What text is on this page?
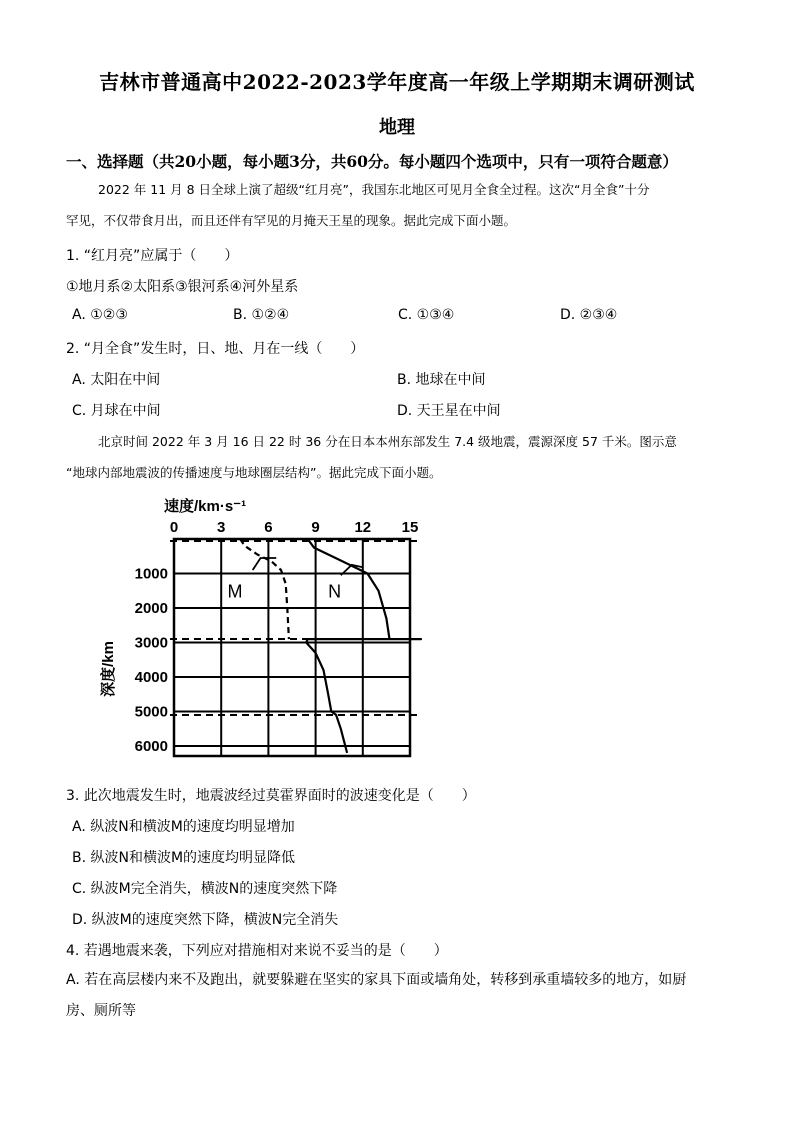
吉林市普通高中2022-2023学年度高一年级上学期期末调研测试
地理
一、选择题（共20小题，每小题3分，共60分。每小题四个选项中，只有一项符合题意）
2022 年 11 月 8 日全球上演了超级“红月亮”，我国东北地区可见月全食全过程。这次“月全食”十分
罕见，不仅带食月出，而且还伴有罕见的月掩天王星的现象。据此完成下面小题。
1. “红月亮”应属于（　　）
①地月系②太阳系③银河系④河外星系
A. ①②③	B. ①②④	C. ①③④	D. ②③④
2. “月全食”发生时，日、地、月在一线（　　）
A. 太阳在中间	B. 地球在中间
C. 月球在中间	D. 天王星在中间
北京时间 2022 年 3 月 16 日 22 时 36 分在日本本州东部发生 7.4 级地震，震源深度 57 千米。图示意
“地球内部地震波的传播速度与地球圈层结构”。据此完成下面小题。
速度/km·s⁻¹
0	3	6	9 12 15
1000
2000
3000
4000
5000
6000
深度/km
M	N
3. 此次地震发生时，地震波经过莫霍界面时的波速变化是（　　）
A. 纵波N和横波M的速度均明显增加
B. 纵波N和横波M的速度均明显降低
C. 纵波M完全消失，横波N的速度突然下降
D. 纵波M的速度突然下降，横波N完全消失
4. 若遇地震来袭，下列应对措施相对来说不妥当的是（　　）
A. 若在高层楼内来不及跑出，就要躲避在坚实的家具下面或墙角处，转移到承重墙较多的地方，如厨房、厕所等
